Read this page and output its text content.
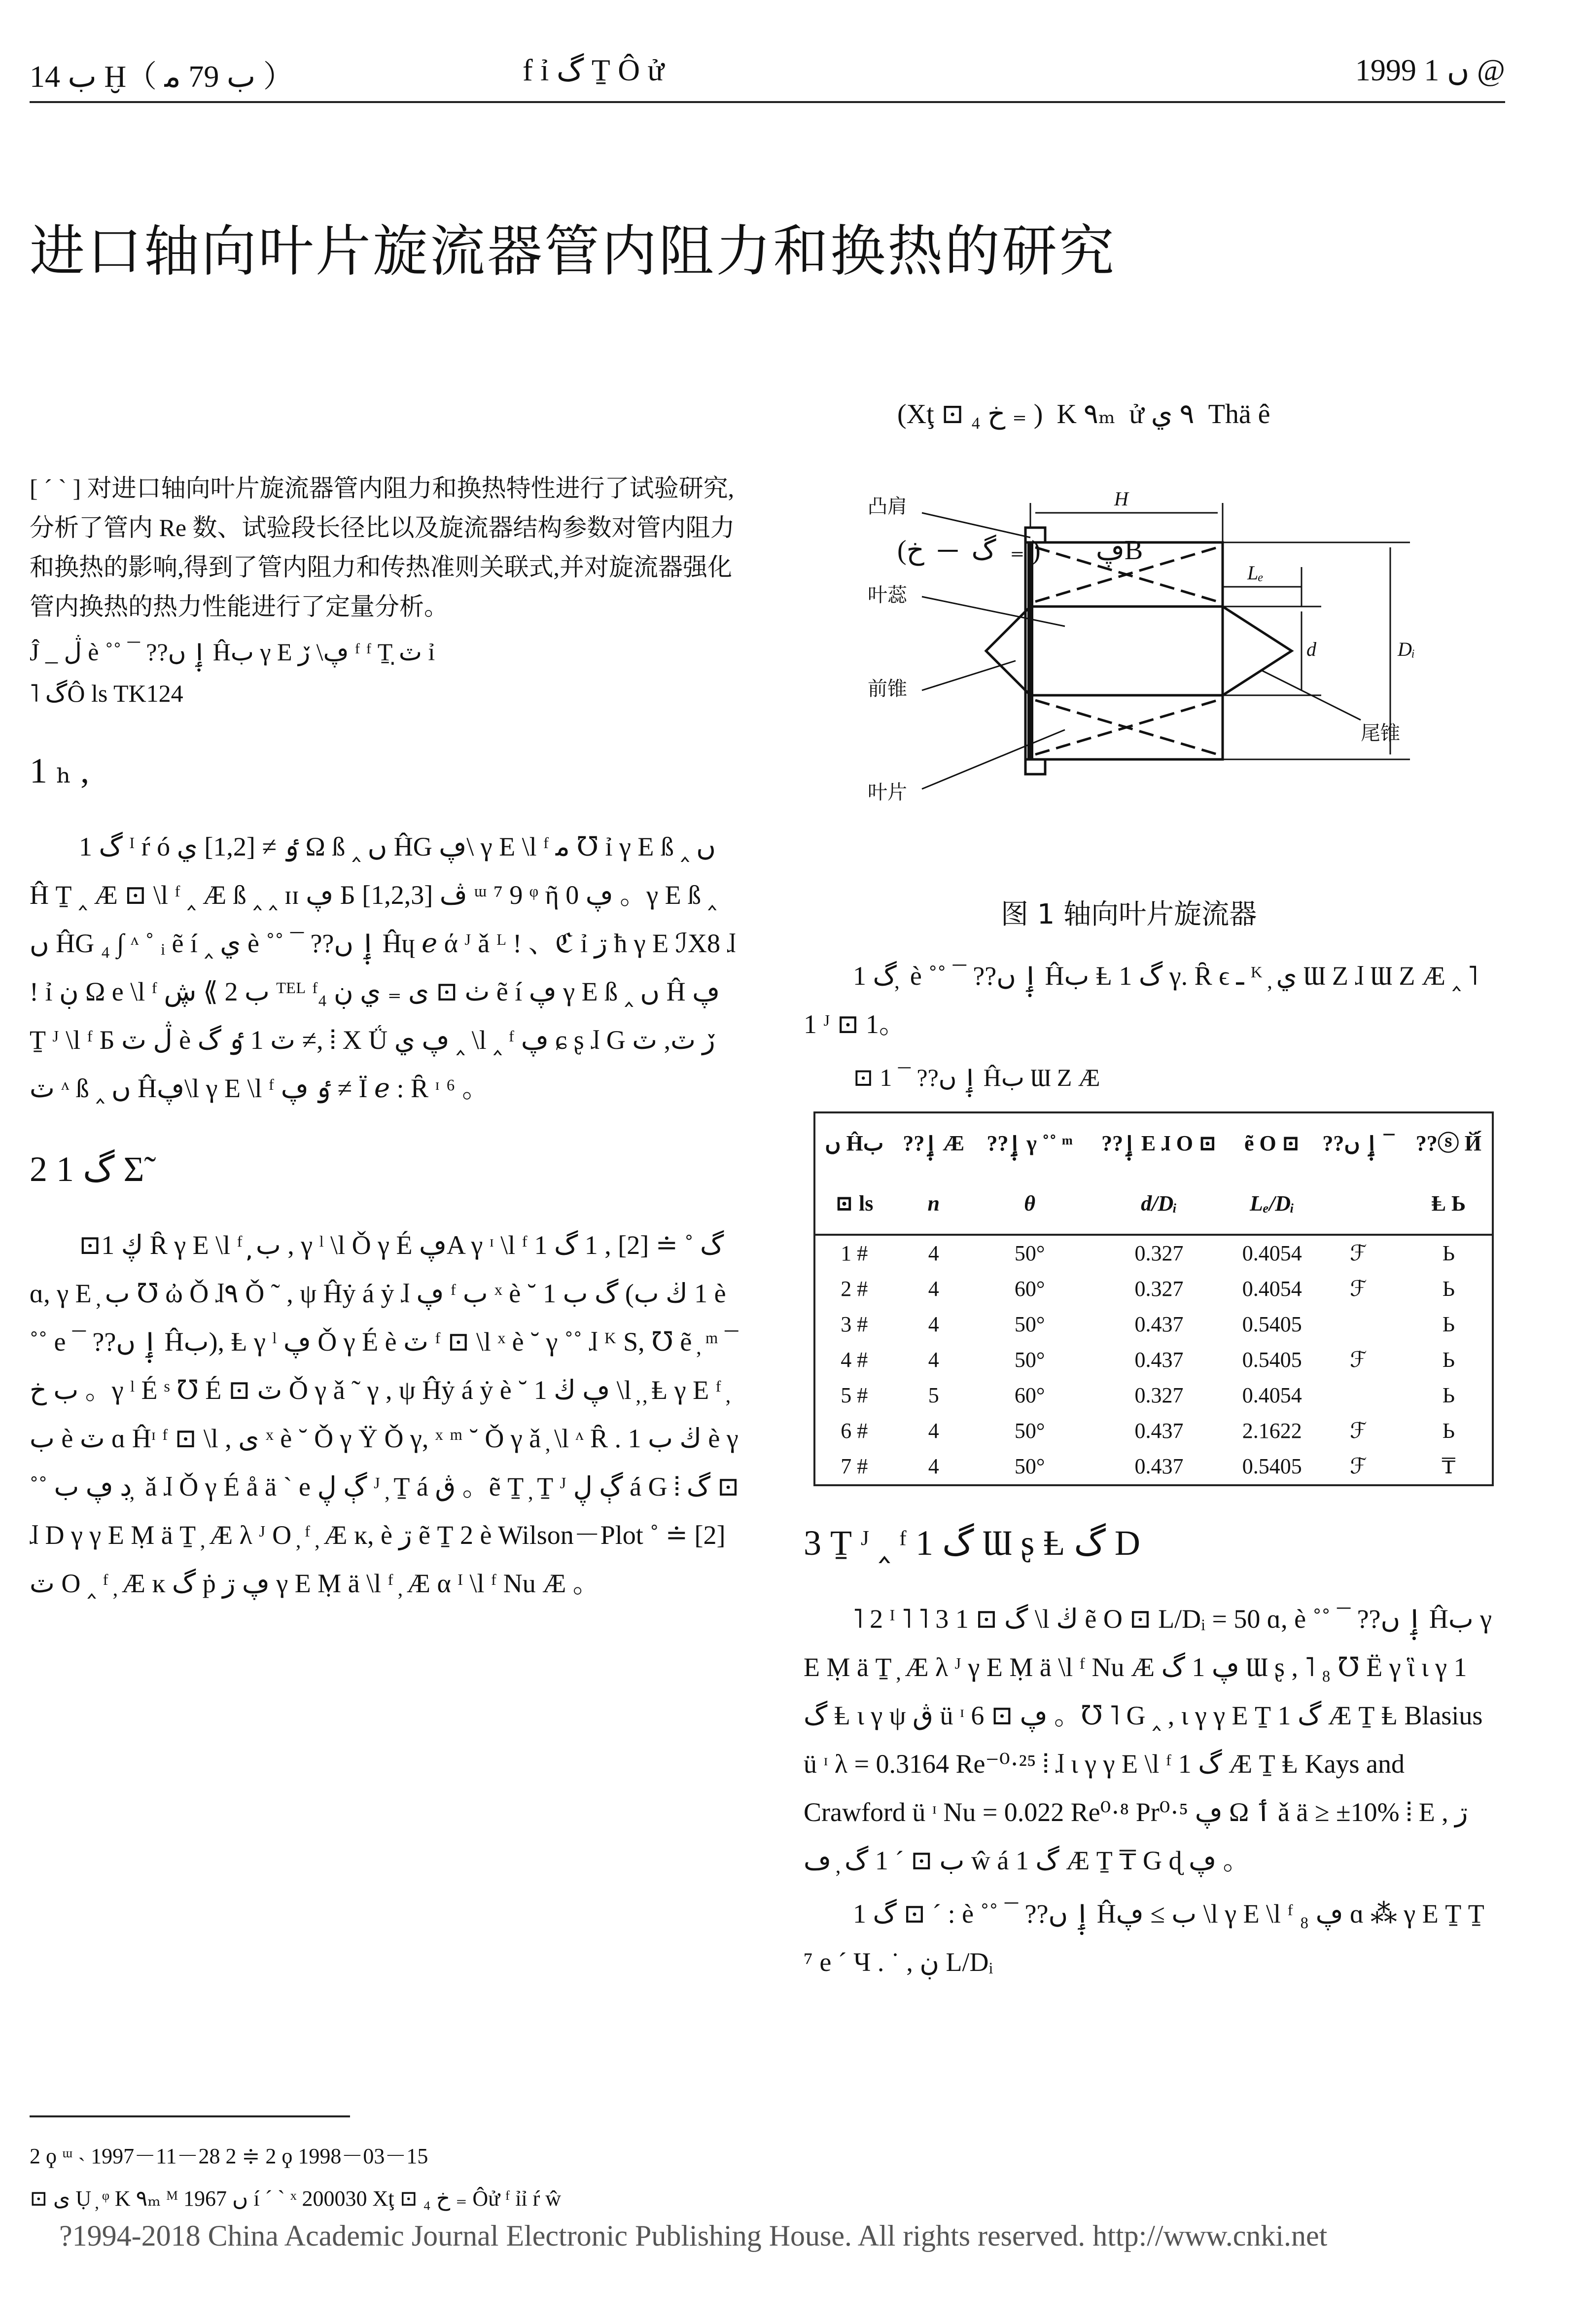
ب 14 Ḫ（ ب 79 ﻣ ）	f ỉ گ Ṯ Ô ử	1999 ں 1 @
进口轴向叶片旋流器管内阻力和换热的研究

(Xţ ⊡ ₄ خ ₌ )  K ٩ₘ  ử ٩ ي  Thä ê

(گ  ─  خ  ₌ )        ڥB

[ ˊ ˋ ] 对进口轴向叶片旋流器管内阻力和换热特性进行了试验研究,分析了管内 Re 数、试验段长径比以及旋流器结构参数对管内阻力和换热的影响,得到了管内阻力和传热准则关联式,并对旋流器强化管内换热的热力性能进行了定量分析。

Ĵ _ ڷ è ˚˚ ¯ ??ٳ̣ ں Ĥب γ E ڥ\ ڒ ᶠ ᶠ Ṯ ٽ̣ ỉ
˥ گÔ ls TK124
1 ₕ ,

1 گ ᴵ ŕ ó ٶ ≠ [1,2] ي Ω ß ‸ ں ĤG ڥ\ γ E \l ᶠ ﻣ ℧ ỉ γ E ß ‸ ں Ĥ Ṯ ‸ Æ ⊡ \l ᶠ ‸ Æ ß ‸ ‸ ɪɪ ڥ Б [1,2,3] ڤ ᵚ ⁷ 9 ᵠ ῆ ڥ 0 。γ E ß ‸ ں ĤG ₄ ∫ ᶺ ˚ ᵢ ẽ í ‸ ي è ˚˚ ¯ ??ٳ̣ ں Ĥɥ ℯ ά ᴶ ǎ ᴸ ! 、ℭ ỉ ڗ ħ γ E ℐX8 ɺ ! ỉ ڹ Ω e \l ᶠ ب 2 ⟫ ڜ ᵀᴱᴸ ᶠ₄ ٺ ⊡ ى ₌ ي ڹ ẽ í ڥ γ E ß ‸ ں Ĥ ڥ Ṯ ᴶ \l ᶠ Б ڷ ٽ è ٽ 1 ٶ گ ≠, ⦙ X Ǘ ڥ ي ‸ \l ‸ ᶠ ڥ ɕ ʂ ɺ G ڒ ٽ, ٽ ٽ ᶺ ß ‸ ں Ĥڥ\l γ E \l ᶠ ٶ ڥ ≠ Ï ℯ : Ȓ ᶦ ⁶ 。

2 1 گ Σ˜

⊡1 ڮ Ȓ γ E \l ᶠ ̦ ب̦ , γ ˡ \l Ǒ γ É ڥA γ ᶦ \l ᶠ 1 گ ˚ ≐ [2] , 1 گ ɑ, γ E ̦ ب ℧ ὠ Ǒ ɺ٩ Ǒ ˜ , ψ Ĥẏ á ẏ ɺ ڥ ᶠ ب ˣ è ˘ 1 گ ب (1 ڬ ب è ˚˚ e ¯ ??ٳ̣ ں Ĥب), Ⱡ γ ˡ ڥ Ǒ γ É è ٽ ᶠ ⊡ \l ˣ è ˘ γ ˚˚ ɺ ᴷ S, ℧ ẽ ̦ ᵐ ¯ ب خ 。γ ˡ É ˢ ℧ É ⊡ ٽ Ǒ γ ǎ ˜ γ , ψ Ĥẏ á ẏ è ˘ 1 ڥ ڬ \l ̦ ̦ Ⱡ γ E ᶠ ̦ ب è ٽ ɑ Ĥᶦ ᶠ ⊡ \l , ى ˣ è ˘ Ǒ γ Ÿ Ǒ γ, ˣ ᵐ ˘ Ǒ γ ǎ ̦ \l ᶺ Ȓ . 1 ڬ ب è γ ˚˚ ڊ ڥ ب ̦ ǎ ɺ Ǒ γ É å ä ` e ڳ ڸ ᴶ ̦ Ṯ á ڨ 。ẽ Ṯ ̦ Ṯ ᴶ ڳ ڸ á G ⦙ گ ⊡ ɺ D γ γ E Ṃ ä Ṯ ̦ Æ λ ᴶ O ̦ ᶠ ̦ Æ ĸ, è ڗ ẽ Ṯ 2 è Wilson－Plot ˚ ≐ [2] ٽ O ‸ ᶠ ̦ Æ ĸ گ ṗ ڥ ڗ γ E Ṃ ä \l ᶠ ̦ Æ α ᴵ \l ᶠ Nu Æ 。

凸肩
叶蕊
前锥
叶片
尾锥
H
Lₑ
d	Dᵢ
图 1 轴向叶片旋流器

1 گ ̦ è ˚˚ ¯ ??ٳ̣ ں Ĥب Ⱡ 1 گ γ. Ȓ ϵ ـ ᴷ ̦ ي Ɯ Ζ ɺ Ɯ Ζ Æ ‸ ˥ 1 ᴶ ⊡ 1。

⊡ 1 ¯ ??ٳ̣ ں Ĥب Ɯ Ζ Æ
ں Ĥب	??ٳ̣ Æ	??ٳ̣ γ ˚˚ ᵐ	??ٳ̣ E ɺ O ⊡	ẽ O ⊡	??ٳ̣ ں ¯	??ⓢ Й́
⊡ ls	n	θ	d/Dᵢ	Lₑ/Dᵢ		Ⱡ Ь
1 #	4	50°	0.327	0.4054	ℱ	Ь
2 #	4	60°	0.327	0.4054	ℱ	Ь
3 #	4	50°	0.437	0.5405		Ь
4 #	4	50°	0.437	0.5405	ℱ	Ь
5 #	5	60°	0.327	0.4054		Ь
6 #	4	50°	0.437	2.1622	ℱ	Ь
7 #	4	50°	0.437	0.5405	ℱ	₸
3 Ṯ ᴶ ‸ ᶠ 1 گ Ɯ ʂ Ⱡ گ D

˥ 2 ᴵ ˥ ˥ 3 گ ⊡ 1 \l ڬ ẽ O ⊡ L/Dᵢ = 50 ɑ, è ˚˚ ¯ ??ٳ̣ ں Ĥب γ E Ṃ ä Ṯ ̦ Æ λ ᴶ γ E Ṃ ä \l ᶠ Nu Æ ڥ 1 گ Ɯ ʂ , ˥ ₈ ℧ Ë γ ἳ ι γ 1 گ Ⱡ ι γ ψ ڨ ü ᶦ ڥ ⊡ 6 。℧ ˥ G ‸ , ι γ γ E Ṯ 1 گ Æ Ṯ Ⱡ Blasius ü ᶦ λ = 0.3164 Re⁻⁰·²⁵ ⦙ ɺ ι γ γ E \l ᶠ 1 گ Æ Ṯ Ⱡ Kays and Crawford ü ᶦ Nu = 0.022 Re⁰·⁸ Pr⁰·⁵ ڥ Ω ٲ ǎ ä ≥ ±10% ⦙ E , ڗ ب ⊡ ˊ 1 گ ̦ ڡ ŵ á 1 گ Æ Ṯ ₸ G ɖ ڥ 。

1 گ ⊡ ˊ : è ˚˚ ¯ ??ٳ̣ ں Ĥب ≥ ڥ \l γ E \l ᶠ ڥ ₈ ɑ ⁂ γ E Ṯ Ṯ ⁷ e ˊ Ч . ˙ , ڹ L/Dᵢ

2 ϙ ᵚ ˴ 1997－11－28 2 ≑ 2 ϙ 1998－03－15
⊡ ى Ụ ̦ ᵠ K ٩ₘ ᴹ 1967 ں í ˊ ˋ ˣ 200030 Xţ ⊡ ₄ خ ₌ Ôử ᶠ ỉỉ ŕ ŵ
?1994-2018 China Academic Journal Electronic Publishing House. All rights reserved. http://www.cnki.net
